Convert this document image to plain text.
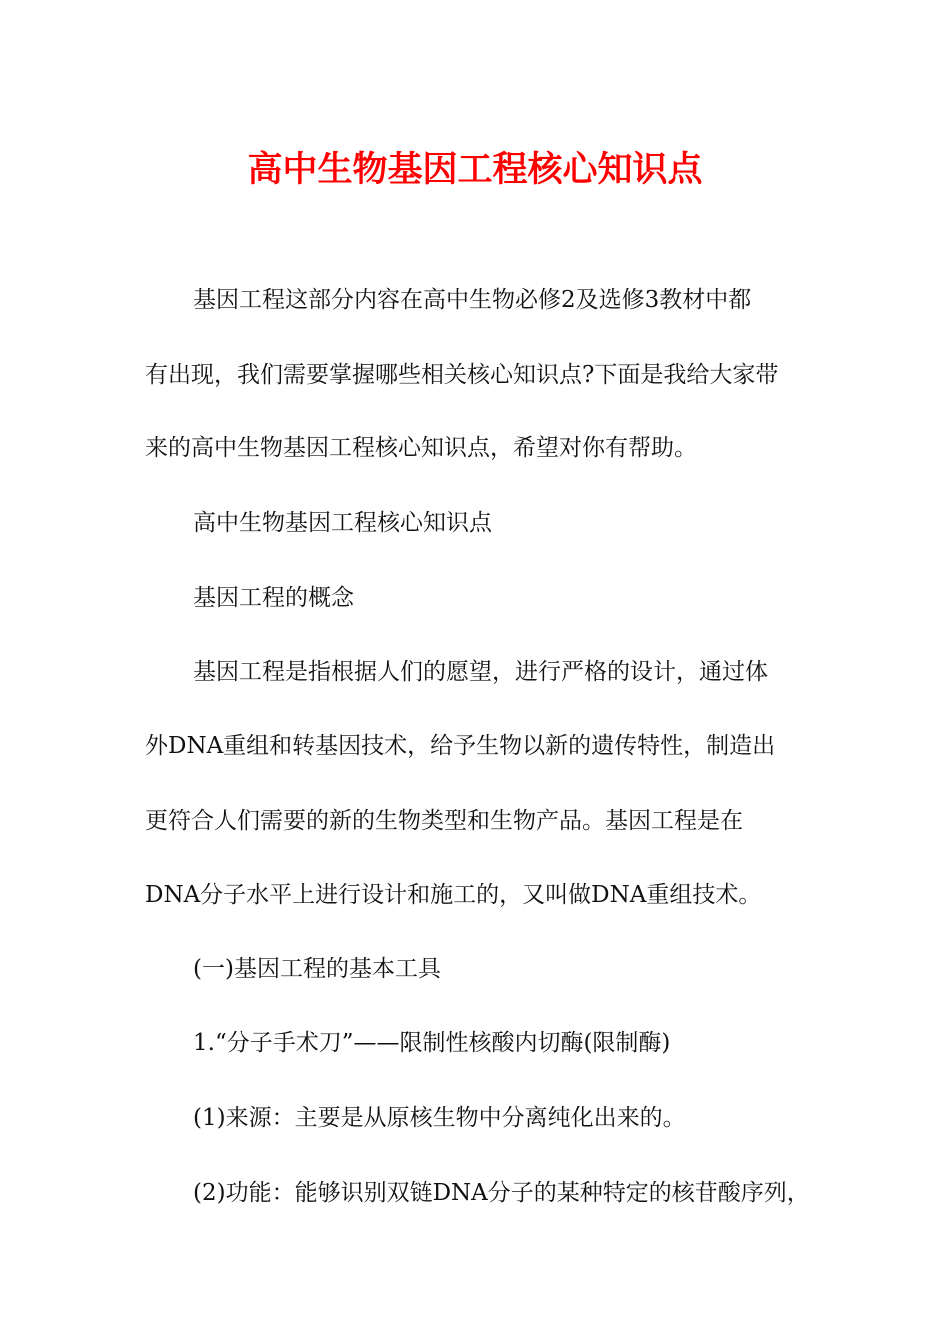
高中生物基因工程核心知识点

基因工程这部分内容在高中生物必修2及选修3教材中都

有出现，我们需要掌握哪些相关核心知识点?下面是我给大家带

来的高中生物基因工程核心知识点，希望对你有帮助。

高中生物基因工程核心知识点

基因工程的概念

基因工程是指根据人们的愿望，进行严格的设计，通过体

外DNA重组和转基因技术，给予生物以新的遗传特性，制造出

更符合人们需要的新的生物类型和生物产品。基因工程是在

DNA分子水平上进行设计和施工的，又叫做DNA重组技术。

(一)基因工程的基本工具

1.“分子手术刀”——限制性核酸内切酶(限制酶)

(1)来源：主要是从原核生物中分离纯化出来的。

(2)功能：能够识别双链DNA分子的某种特定的核苷酸序列，
